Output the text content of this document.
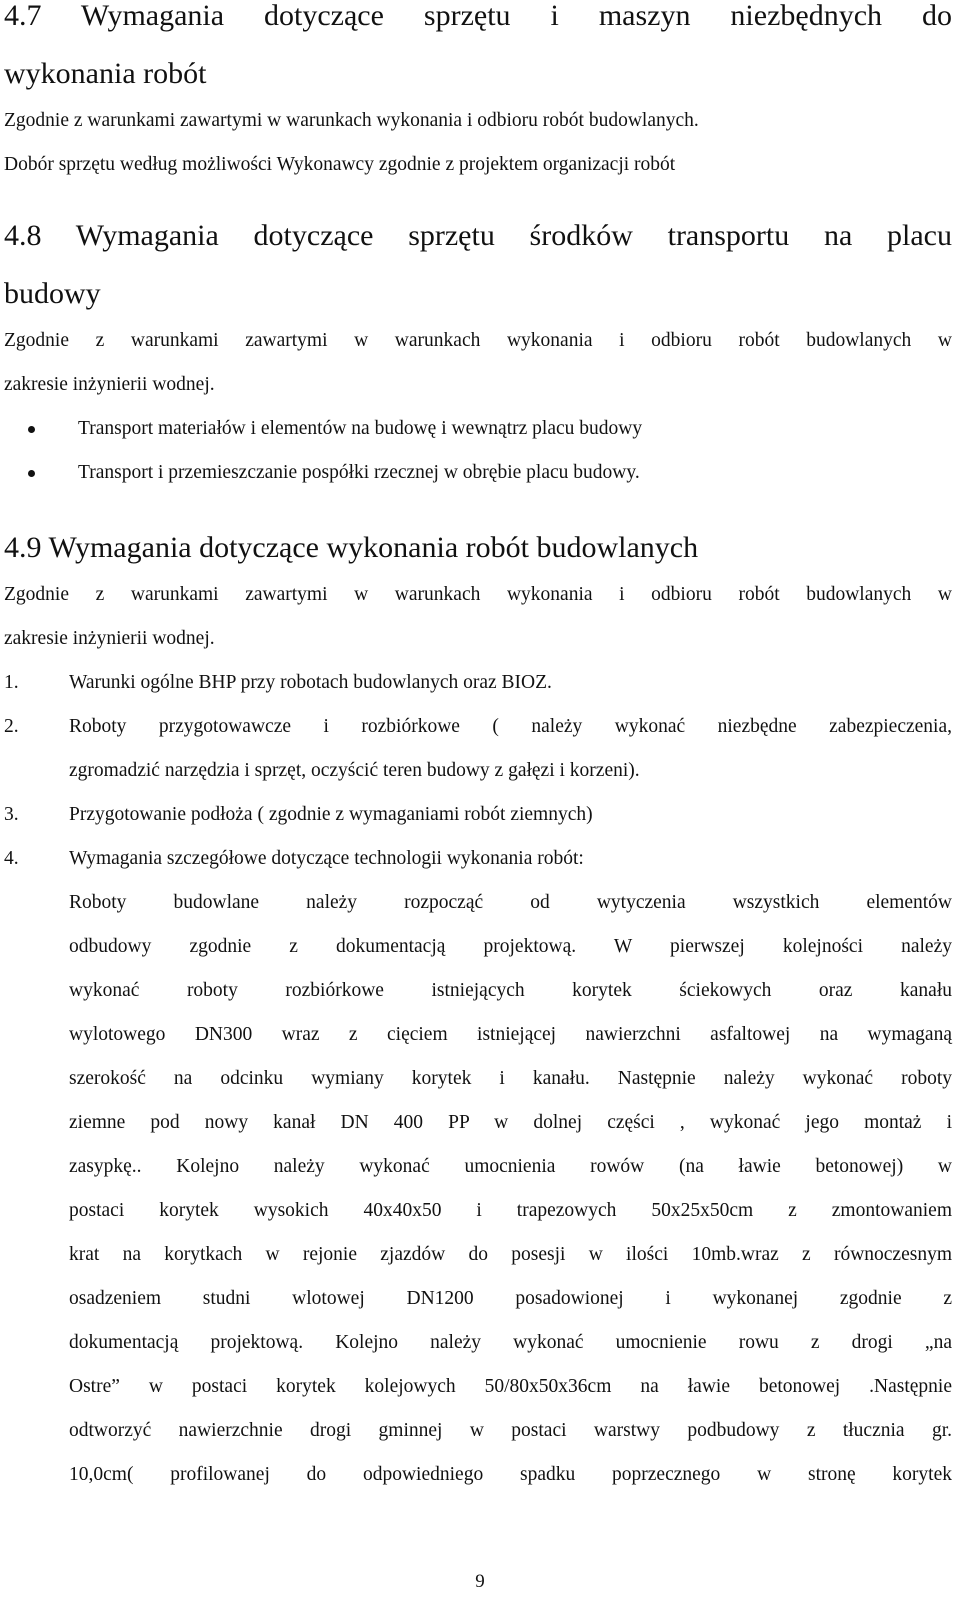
4.7 Wymagania dotyczące sprzętu i maszyn niezbędnych do

wykonania robót

Zgodnie z warunkami zawartymi w warunkach wykonania i odbioru robót budowlanych.

Dobór sprzętu według możliwości Wykonawcy zgodnie z projektem organizacji robót

4.8 Wymagania dotyczące sprzętu środków transportu na placu

budowy

Zgodnie z warunkami zawartymi w warunkach wykonania i odbioru robót budowlanych w

zakresie inżynierii wodnej.

Transport materiałów i elementów na budowę i wewnątrz placu budowy
Transport i przemieszczanie pospółki rzecznej w obrębie placu budowy.

4.9 Wymagania dotyczące wykonania robót budowlanych

Zgodnie z warunkami zawartymi w warunkach wykonania i odbioru robót budowlanych w

zakresie inżynierii wodnej.

1.	Warunki ogólne BHP przy robotach budowlanych oraz BIOZ.
2.	Roboty przygotowawcze i rozbiórkowe ( należy wykonać niezbędne zabezpieczenia,
zgromadzić narzędzia i sprzęt, oczyścić teren budowy z gałęzi i korzeni).
3.	Przygotowanie podłoża ( zgodnie z wymaganiami robót ziemnych)
4.	Wymagania szczegółowe dotyczące technologii wykonania robót:
Roboty budowlane należy rozpocząć od wytyczenia wszystkich elementów
odbudowy zgodnie z dokumentacją projektową. W pierwszej kolejności należy
wykonać roboty rozbiórkowe istniejących korytek ściekowych oraz kanału
wylotowego DN300 wraz z cięciem istniejącej nawierzchni asfaltowej na wymaganą
szerokość na odcinku wymiany korytek i kanału. Następnie należy wykonać roboty
ziemne pod nowy kanał DN 400 PP w dolnej części , wykonać jego montaż i
zasypkę.. Kolejno należy wykonać umocnienia rowów (na ławie betonowej) w
postaci korytek wysokich 40x40x50 i trapezowych 50x25x50cm z zmontowaniem
krat na korytkach w rejonie zjazdów do posesji w ilości 10mb.wraz z równoczesnym
osadzeniem studni wlotowej DN1200 posadowionej i wykonanej zgodnie z
dokumentacją projektową. Kolejno należy wykonać umocnienie rowu z drogi „na
Ostre” w postaci korytek kolejowych 50/80x50x36cm na ławie betonowej .Następnie
odtworzyć nawierzchnie drogi gminnej w postaci warstwy podbudowy z tłucznia gr.
10,0cm( profilowanej do odpowiedniego spadku poprzecznego w stronę korytek
9
